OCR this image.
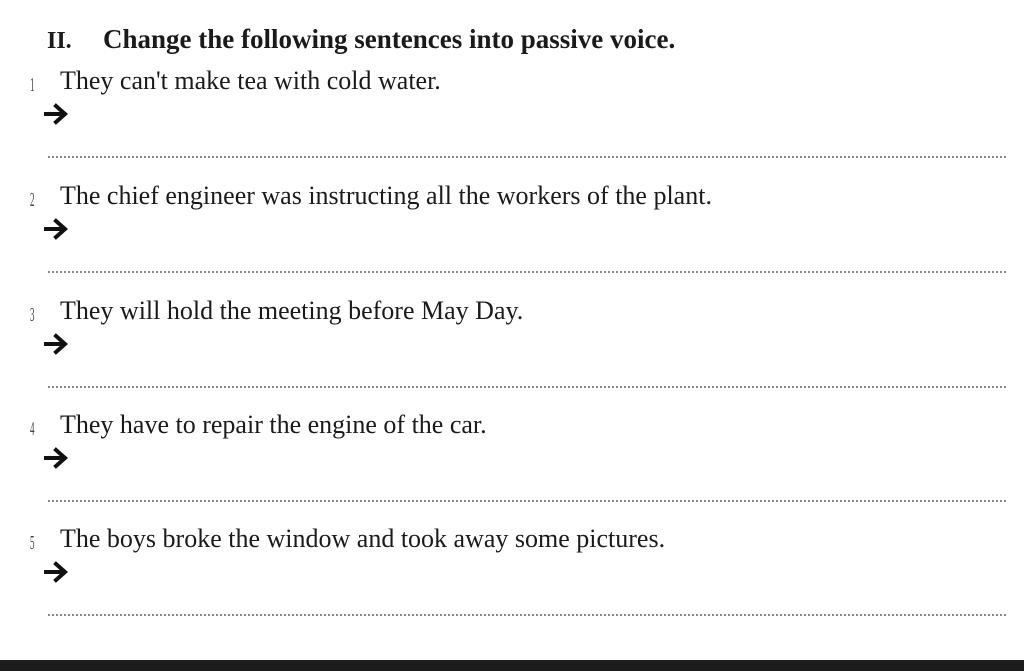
II. Change the following sentences into passive voice.
1 They can't make tea with cold water.
2 The chief engineer was instructing all the workers of the plant.
3 They will hold the meeting before May Day.
4 They have to repair the engine of the car.
5 The boys broke the window and took away some pictures.
